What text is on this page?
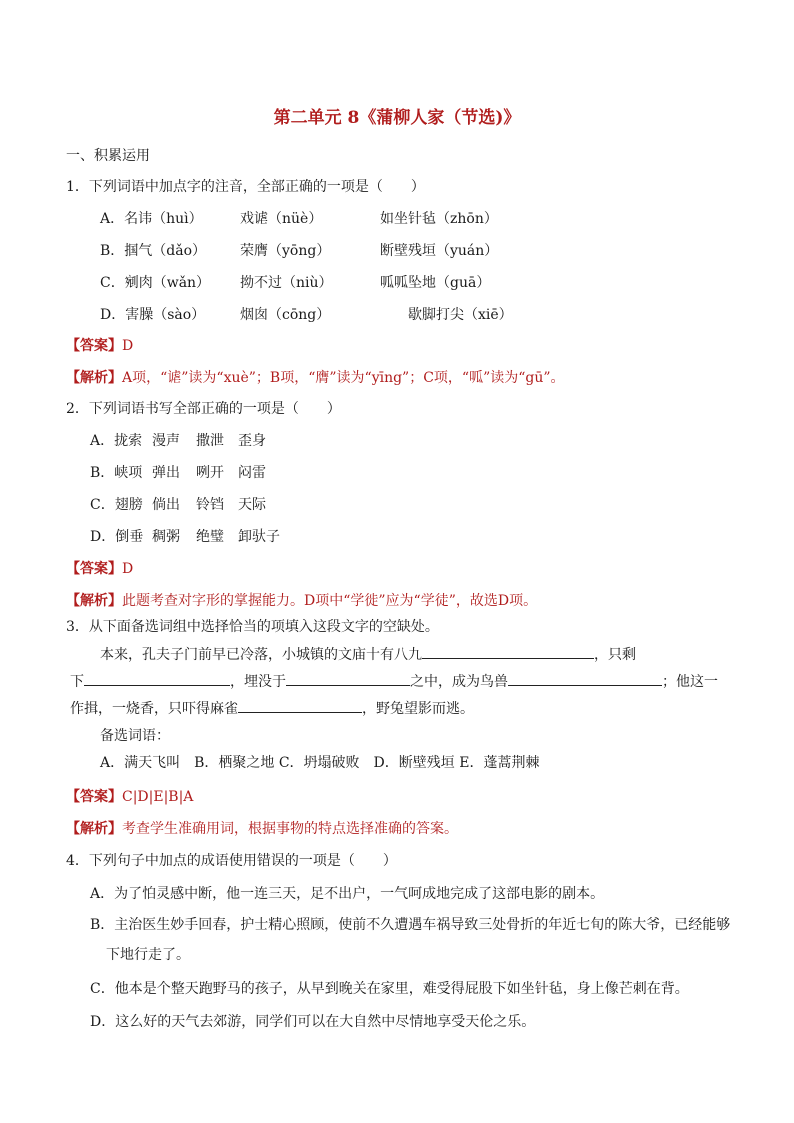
第二单元 8《蒲柳人家（节选)》
一、积累运用
1．下列词语中加点字的注音，全部正确的一项是（　　）
A．名讳（huì）	戏谑（nüè）	如坐针毡（zhōn）
B．掴气（dǎo） 荣膺（yōng）	断壁残垣（yuán）
C．剜肉（wǎn） 拗不过（niù）	呱呱坠地（guā）
D．害臊（sào） 烟囱（cōng）	歇脚打尖（xiē）
【答案】D
【解析】A项，“谑”读为“xuè”；B项，“膺”读为“yīng”；C项，“呱”读为“gū”。
2．下列词语书写全部正确的一项是（　　）
A．拢索 漫声 撒泄 歪身
B．峡项 弹出 咧开 闷雷
C．翅膀 倘出 铃铛 天际
D．倒垂 稠粥 绝璧 卸驮子
【答案】D
【解析】此题考查对字形的掌握能力。D项中“学徙”应为“学徒”，故选D项。
3．从下面备选词组中选择恰当的项填入这段文字的空缺处。
本来，孔夫子门前早已冷落，小城镇的文庙十有八九	，只剩
下	，埋没于	之中，成为鸟兽	；他这一
作揖，一烧香，只吓得麻雀	，野兔望影而逃。
备选词语：
A．满天飞叫　B．栖聚之地 C．坍塌破败　D．断壁残垣 E．蓬蒿荆棘
【答案】C|D|E|B|A
【解析】考查学生准确用词，根据事物的特点选择准确的答案。
4．下列句子中加点的成语使用错误的一项是（　　）
A．为了怕灵感中断，他一连三天，足不出户，一气呵成地完成了这部电影的剧本。
B．主治医生妙手回春，护士精心照顾，使前不久遭遇车祸导致三处骨折的年近七旬的陈大爷，已经能够
下地行走了。
C．他本是个整天跑野马的孩子，从早到晚关在家里，难受得屁股下如坐针毡，身上像芒刺在背。
D．这么好的天气去郊游，同学们可以在大自然中尽情地享受天伦之乐。
